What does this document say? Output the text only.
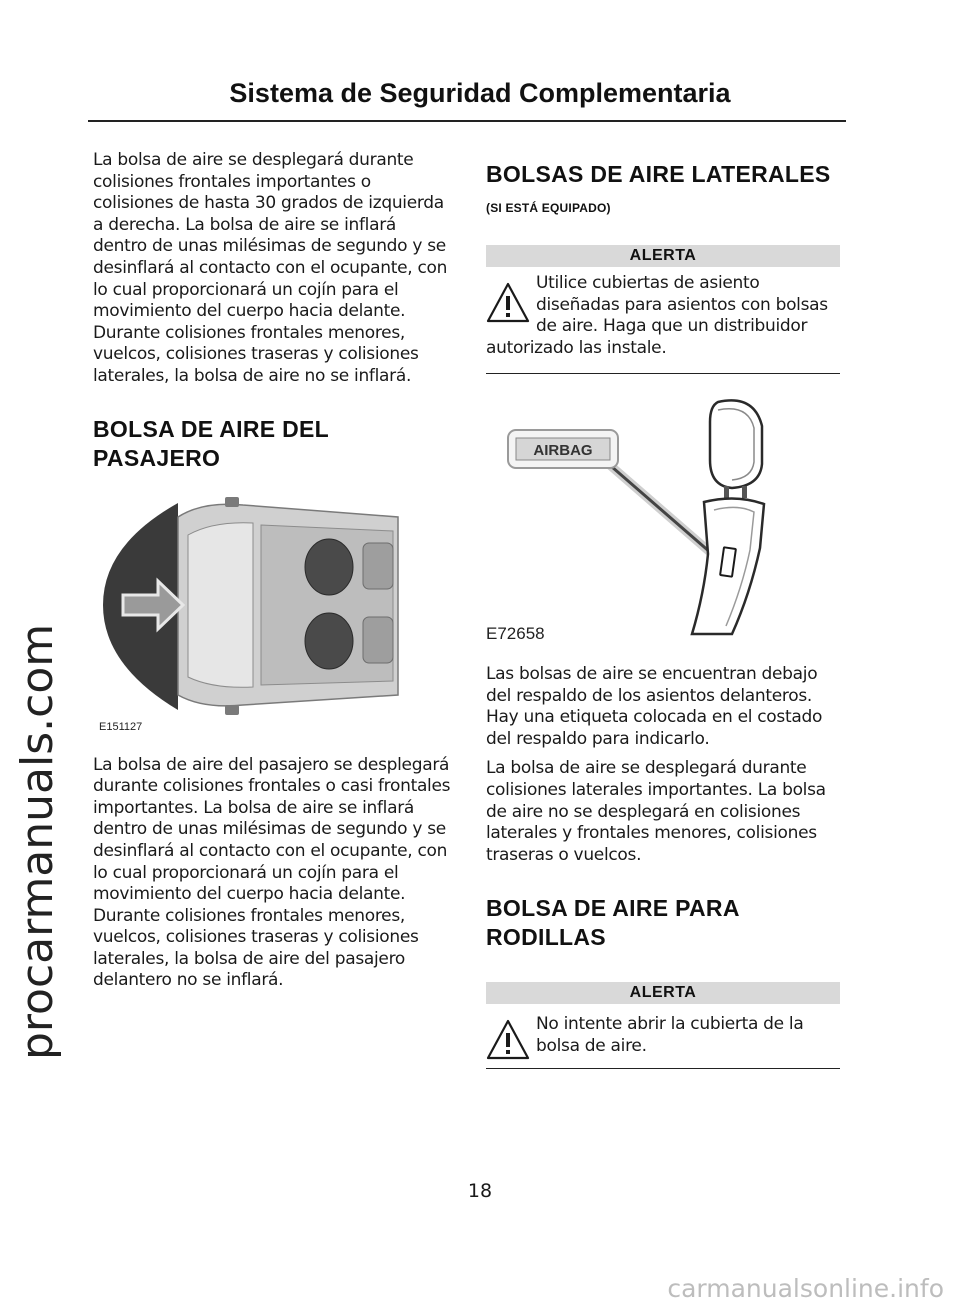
procarmanuals.com
Sistema de Seguridad Complementaria

La bolsa de aire se desplegará durante colisiones frontales importantes o colisiones de hasta 30 grados de izquierda a derecha. La bolsa de aire se inflará dentro de unas milésimas de segundo y se desinflará al contacto con el ocupante, con lo cual proporcionará un cojín para el movimiento del cuerpo hacia delante. Durante colisiones frontales menores, vuelcos, colisiones traseras y colisiones laterales, la bolsa de aire no se inflará.

BOLSA DE AIRE DEL
PASAJERO
E151127

La bolsa de aire del pasajero se desplegará durante colisiones frontales o casi frontales importantes. La bolsa de aire se inflará dentro de unas milésimas de segundo y se desinflará al contacto con el ocupante, con lo cual proporcionará un cojín para el movimiento del cuerpo hacia delante. Durante colisiones frontales menores, vuelcos, colisiones traseras y colisiones laterales, la bolsa de aire del pasajero delantero no se inflará.

BOLSAS DE AIRE LATERALES
(SI ESTÁ EQUIPADO)
ALERTA

Utilice cubiertas de asiento

diseñadas para asientos con bolsas

de aire. Haga que un distribuidor

autorizado las instale.

AIRBAG
E72658

Las bolsas de aire se encuentran debajo del respaldo de los asientos delanteros. Hay una etiqueta colocada en el costado del respaldo para indicarlo.

La bolsa de aire se desplegará durante colisiones laterales importantes. La bolsa de aire no se desplegará en colisiones laterales y frontales menores, colisiones traseras o vuelcos.

BOLSA DE AIRE PARA
RODILLAS
ALERTA

No intente abrir la cubierta de la

bolsa de aire.

18
carmanualsonline.info
